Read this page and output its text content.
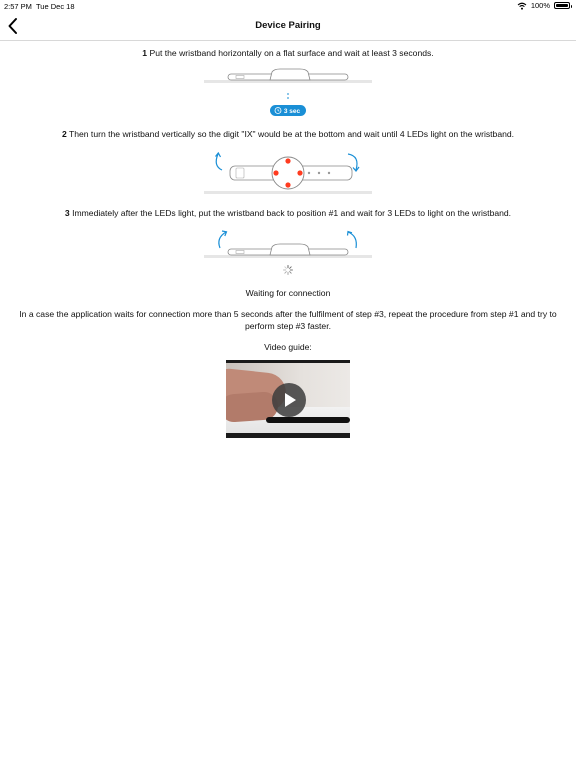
2:57 PM Tue Dec 18	100%
Device Pairing
1 Put the wristband horizontally on a flat surface and wait at least 3 seconds.
3 sec
2 Then turn the wristband vertically so the digit "IX" would be at the bottom and wait until 4 LEDs light on the wristband.
3 Immediately after the LEDs light, put the wristband back to position #1 and wait for 3 LEDs to light on the wristband.
Waiting for connection
In a case the application waits for connection more than 5 seconds after the fulfilment of step #3, repeat the procedure from step #1 and try to perform step #3 faster.
Video guide:
